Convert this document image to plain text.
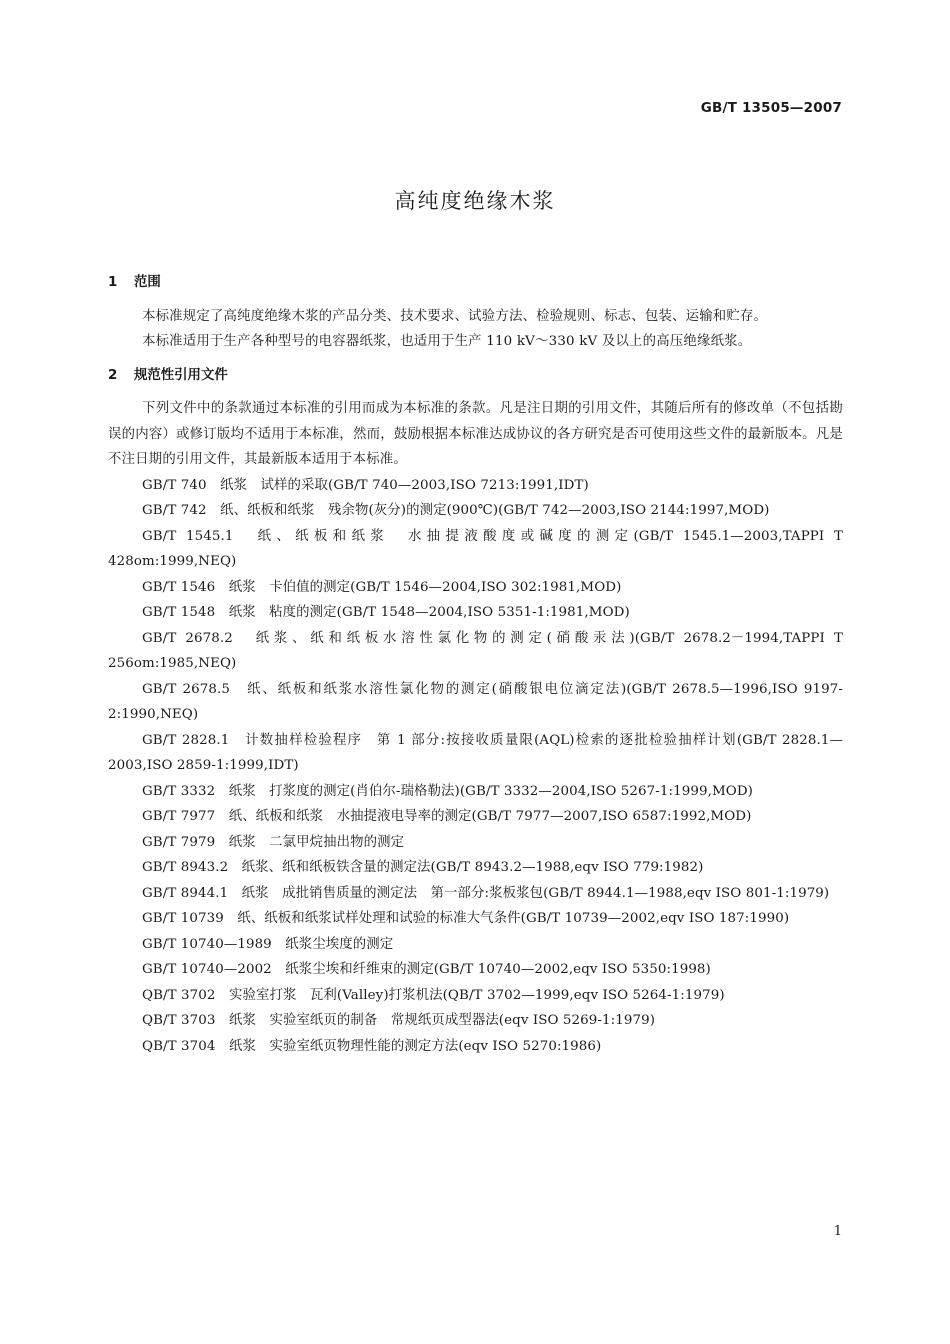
GB/T 13505—2007
高纯度绝缘木浆
1 范围

本标准规定了高纯度绝缘木浆的产品分类、技术要求、试验方法、检验规则、标志、包装、运输和贮存。

本标准适用于生产各种型号的电容器纸浆，也适用于生产 110 kV～330 kV 及以上的高压绝缘纸浆。

2 规范性引用文件

下列文件中的条款通过本标准的引用而成为本标准的条款。凡是注日期的引用文件，其随后所有的修改单（不包括勘误的内容）或修订版均不适用于本标准，然而，鼓励根据本标准达成协议的各方研究是否可使用这些文件的最新版本。凡是不注日期的引用文件，其最新版本适用于本标准。

GB/T 740　纸浆　试样的采取(GB/T 740—2003,ISO 7213:1991,IDT)

GB/T 742　纸、纸板和纸浆　残余物(灰分)的测定(900℃)(GB/T 742—2003,ISO 2144:1997,MOD)

GB/T 1545.1　纸、纸板和纸浆　水抽提液酸度或碱度的测定(GB/T 1545.1—2003,TAPPI T 428om:1999,NEQ)

GB/T 1546　纸浆　卡伯值的测定(GB/T 1546—2004,ISO 302:1981,MOD)

GB/T 1548　纸浆　粘度的测定(GB/T 1548—2004,ISO 5351-1:1981,MOD)

GB/T 2678.2　纸浆、纸和纸板水溶性氯化物的测定(硝酸汞法)(GB/T 2678.2－1994,TAPPI T 256om:1985,NEQ)

GB/T 2678.5　纸、纸板和纸浆水溶性氯化物的测定(硝酸银电位滴定法)(GB/T 2678.5—1996,ISO 9197-2:1990,NEQ)

GB/T 2828.1　计数抽样检验程序　第 1 部分:按接收质量限(AQL)检索的逐批检验抽样计划(GB/T 2828.1—2003,ISO 2859-1:1999,IDT)

GB/T 3332　纸浆　打浆度的测定(肖伯尔-瑞格勒法)(GB/T 3332—2004,ISO 5267-1:1999,MOD)

GB/T 7977　纸、纸板和纸浆　水抽提液电导率的测定(GB/T 7977—2007,ISO 6587:1992,MOD)

GB/T 7979　纸浆　二氯甲烷抽出物的测定

GB/T 8943.2　纸浆、纸和纸板铁含量的测定法(GB/T 8943.2—1988,eqv ISO 779:1982)

GB/T 8944.1　纸浆　成批销售质量的测定法　第一部分:浆板浆包(GB/T 8944.1—1988,eqv ISO 801-1:1979)

GB/T 10739　纸、纸板和纸浆试样处理和试验的标准大气条件(GB/T 10739—2002,eqv ISO 187:1990)

GB/T 10740—1989　纸浆尘埃度的测定

GB/T 10740—2002　纸浆尘埃和纤维束的测定(GB/T 10740—2002,eqv ISO 5350:1998)

QB/T 3702　实验室打浆　瓦利(Valley)打浆机法(QB/T 3702—1999,eqv ISO 5264-1:1979)

QB/T 3703　纸浆　实验室纸页的制备　常规纸页成型器法(eqv ISO 5269-1:1979)

QB/T 3704　纸浆　实验室纸页物理性能的测定方法(eqv ISO 5270:1986)

1
